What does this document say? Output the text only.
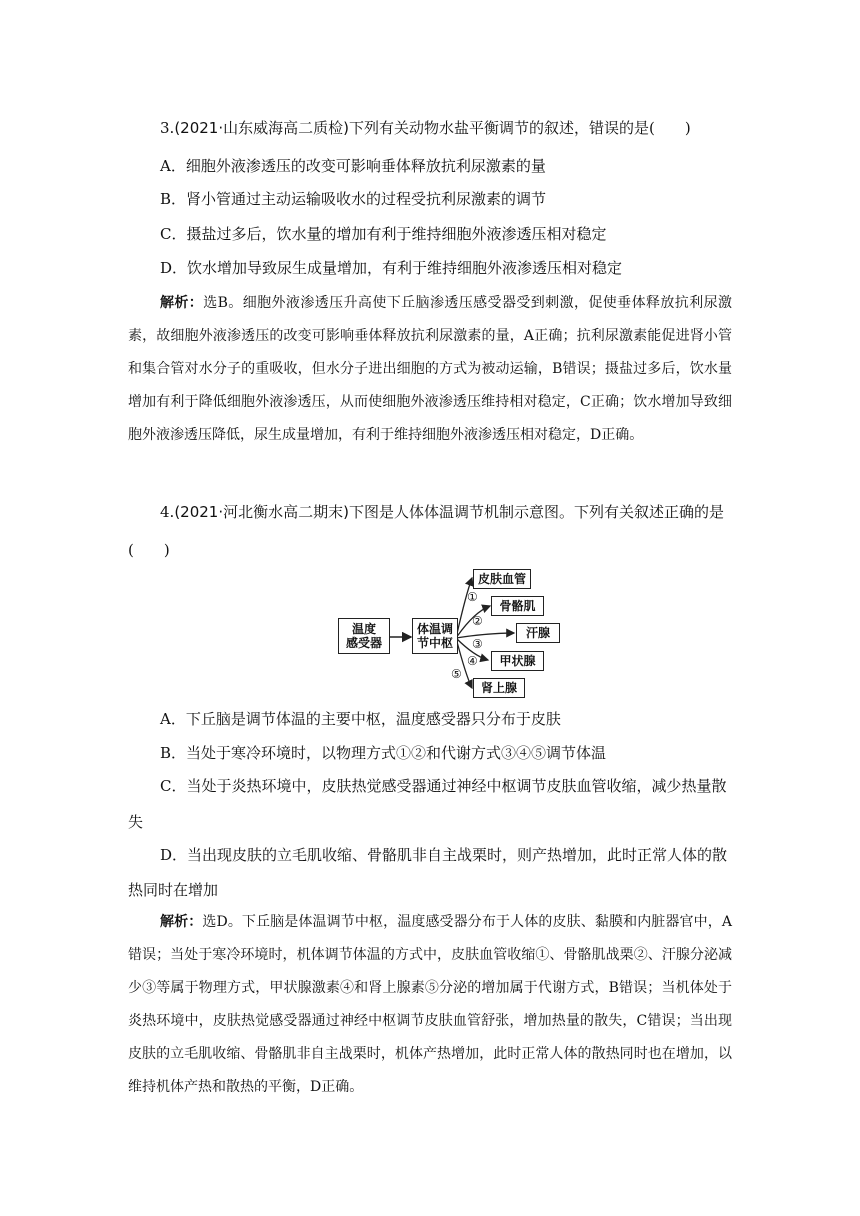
3.(2021·山东威海高二质检)下列有关动物水盐平衡调节的叙述，错误的是(　　)
A．细胞外液渗透压的改变可影响垂体释放抗利尿激素的量
B．肾小管通过主动运输吸收水的过程受抗利尿激素的调节
C．摄盐过多后，饮水量的增加有利于维持细胞外液渗透压相对稳定
D．饮水增加导致尿生成量增加，有利于维持细胞外液渗透压相对稳定
解析：选B。细胞外液渗透压升高使下丘脑渗透压感受器受到刺激，促使垂体释放抗利尿激素，故细胞外液渗透压的改变可影响垂体释放抗利尿激素的量，A正确；抗利尿激素能促进肾小管和集合管对水分子的重吸收，但水分子进出细胞的方式为被动运输，B错误；摄盐过多后，饮水量增加有利于降低细胞外液渗透压，从而使细胞外液渗透压维持相对稳定，C正确；饮水增加导致细胞外液渗透压降低，尿生成量增加，有利于维持细胞外液渗透压相对稳定，D正确。
4.(2021·河北衡水高二期末)下图是人体体温调节机制示意图。下列有关叙述正确的是
(　　)
温度
感受器
体温调
节中枢
皮肤血管
骨骼肌
汗腺
甲状腺
肾上腺
①
②
③
④
⑤
A．下丘脑是调节体温的主要中枢，温度感受器只分布于皮肤
B．当处于寒冷环境时，以物理方式①②和代谢方式③④⑤调节体温
C．当处于炎热环境中，皮肤热觉感受器通过神经中枢调节皮肤血管收缩，减少热量散
失
D．当出现皮肤的立毛肌收缩、骨骼肌非自主战栗时，则产热增加，此时正常人体的散
热同时在增加
解析：选D。下丘脑是体温调节中枢，温度感受器分布于人体的皮肤、黏膜和内脏器官中，A错误；当处于寒冷环境时，机体调节体温的方式中，皮肤血管收缩①、骨骼肌战栗②、汗腺分泌减少③等属于物理方式，甲状腺激素④和肾上腺素⑤分泌的增加属于代谢方式，B错误；当机体处于炎热环境中，皮肤热觉感受器通过神经中枢调节皮肤血管舒张，增加热量的散失，C错误；当出现皮肤的立毛肌收缩、骨骼肌非自主战栗时，机体产热增加，此时正常人体的散热同时也在增加，以维持机体产热和散热的平衡，D正确。
